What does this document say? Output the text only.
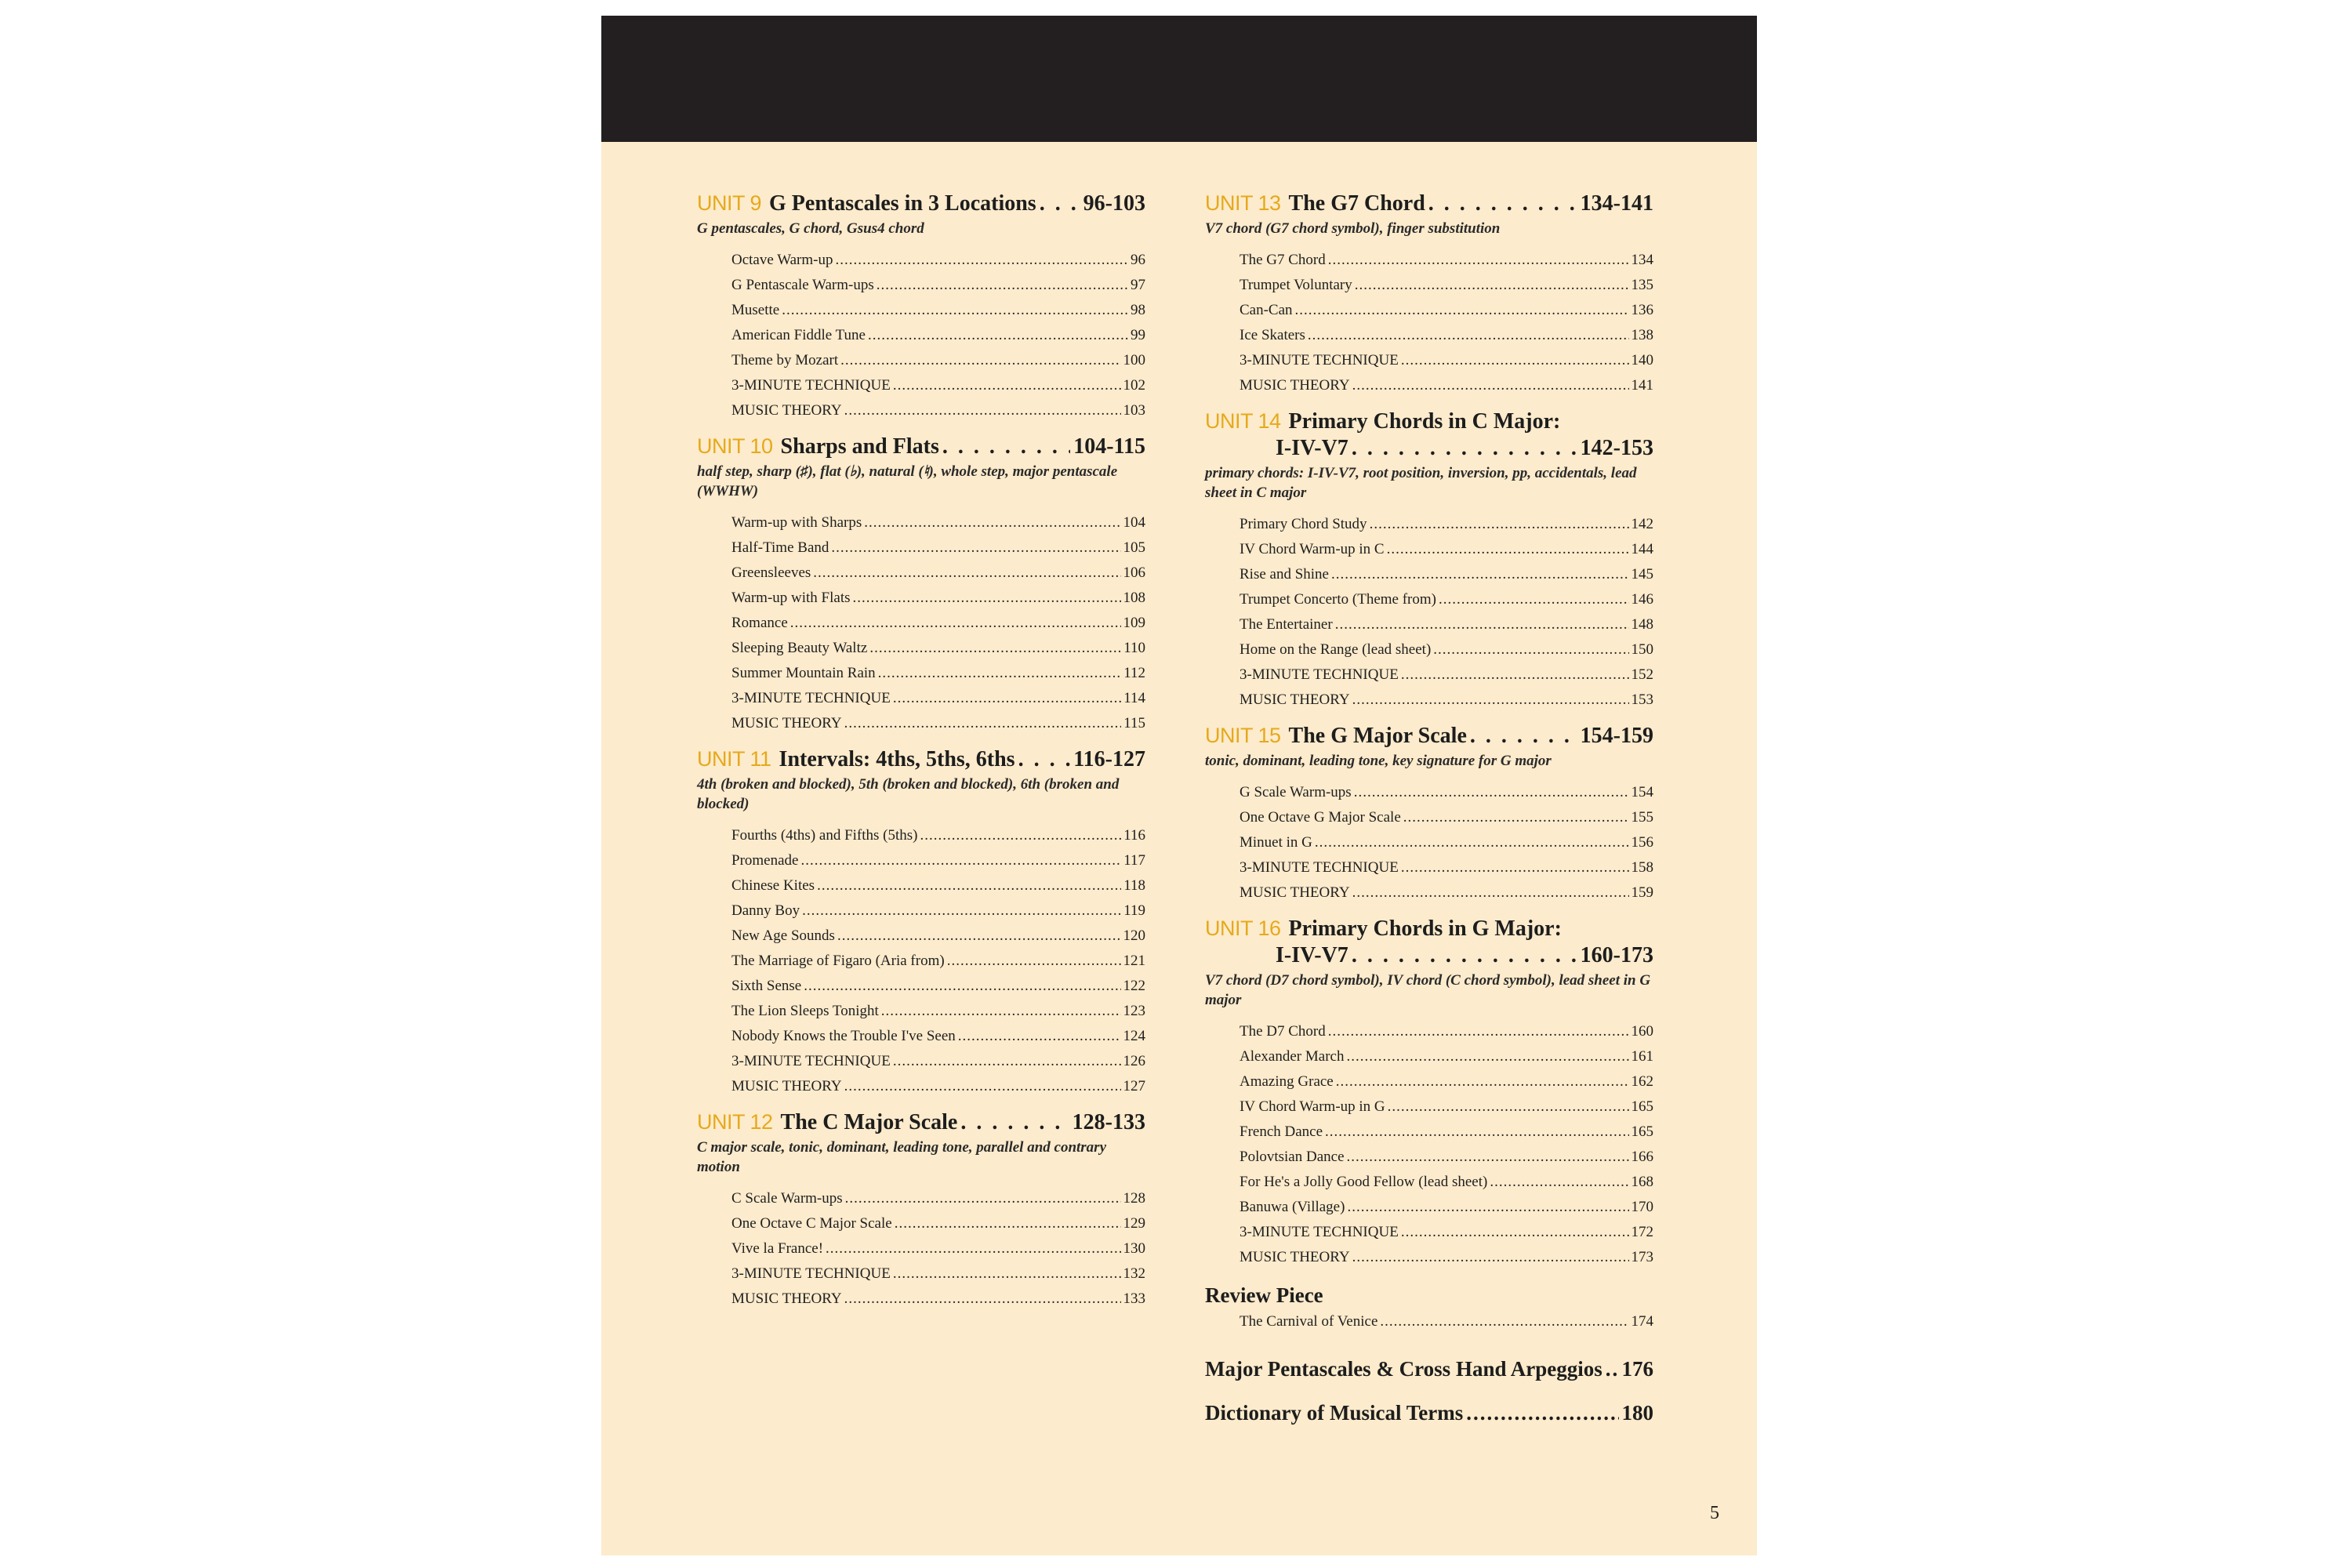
UNIT 9 G Pentascales in 3 Locations . . . 96-103
G pentascales, G chord, Gsus4 chord
Octave Warm-up .....	96
G Pentascale Warm-ups .....	97
Musette .....	98
American Fiddle Tune .....	99
Theme by Mozart .....	100
3-MINUTE TECHNIQUE .....	102
MUSIC THEORY .....	103
UNIT 10 Sharps and Flats . . .	104-115
half step, sharp (♯), flat (♭), natural (♮), whole step, major pentascale (WWHW)
Warm-up with Sharps .....	104
Half-Time Band .....	105
Greensleeves .....	106
Warm-up with Flats .....	108
Romance .....	109
Sleeping Beauty Waltz .....	110
Summer Mountain Rain .....	112
3-MINUTE TECHNIQUE .....	114
MUSIC THEORY .....	115
UNIT 11 Intervals: 4ths, 5ths, 6ths . . .	116-127
4th (broken and blocked), 5th (broken and blocked), 6th (broken and blocked)
Fourths (4ths) and Fifths (5ths) .....	116
Promenade .....	117
Chinese Kites .....	118
Danny Boy .....	119
New Age Sounds .....	120
The Marriage of Figaro (Aria from) .....	121
Sixth Sense .....	122
The Lion Sleeps Tonight .....	123
Nobody Knows the Trouble I've Seen .....	124
3-MINUTE TECHNIQUE .....	126
MUSIC THEORY .....	127
UNIT 12 The C Major Scale . . .	128-133
C major scale, tonic, dominant, leading tone, parallel and contrary motion
C Scale Warm-ups .....	128
One Octave C Major Scale .....	129
Vive la France! .....	130
3-MINUTE TECHNIQUE .....	132
MUSIC THEORY .....	133
UNIT 13 The G7 Chord . . .	134-141
V7 chord (G7 chord symbol), finger substitution
The G7 Chord .....	134
Trumpet Voluntary .....	135
Can-Can .....	136
Ice Skaters .....	138
3-MINUTE TECHNIQUE .....	140
MUSIC THEORY .....	141
UNIT 14 Primary Chords in C Major:
I-IV-V7 . . .	142-153
primary chords: I-IV-V7, root position, inversion, pp, accidentals, lead sheet in C major
Primary Chord Study .....	142
IV Chord Warm-up in C .....	144
Rise and Shine .....	145
Trumpet Concerto (Theme from) .....	146
The Entertainer .....	148
Home on the Range (lead sheet) .....	150
3-MINUTE TECHNIQUE .....	152
MUSIC THEORY .....	153
UNIT 15 The G Major Scale . . .	154-159
tonic, dominant, leading tone, key signature for G major
G Scale Warm-ups .....	154
One Octave G Major Scale .....	155
Minuet in G .....	156
3-MINUTE TECHNIQUE .....	158
MUSIC THEORY .....	159
UNIT 16 Primary Chords in G Major:
I-IV-V7 . . .	160-173
V7 chord (D7 chord symbol), IV chord (C chord symbol), lead sheet in G major
The D7 Chord .....	160
Alexander March .....	161
Amazing Grace .....	162
IV Chord Warm-up in G .....	165
French Dance .....	165
Polovtsian Dance .....	166
For He's a Jolly Good Fellow (lead sheet) .....	168
Banuwa (Village) .....	170
3-MINUTE TECHNIQUE .....	172
MUSIC THEORY .....	173
Review Piece
The Carnival of Venice .....	174
Major Pentascales & Cross Hand Arpeggios ..... 176
Dictionary of Musical Terms .....	180
5
